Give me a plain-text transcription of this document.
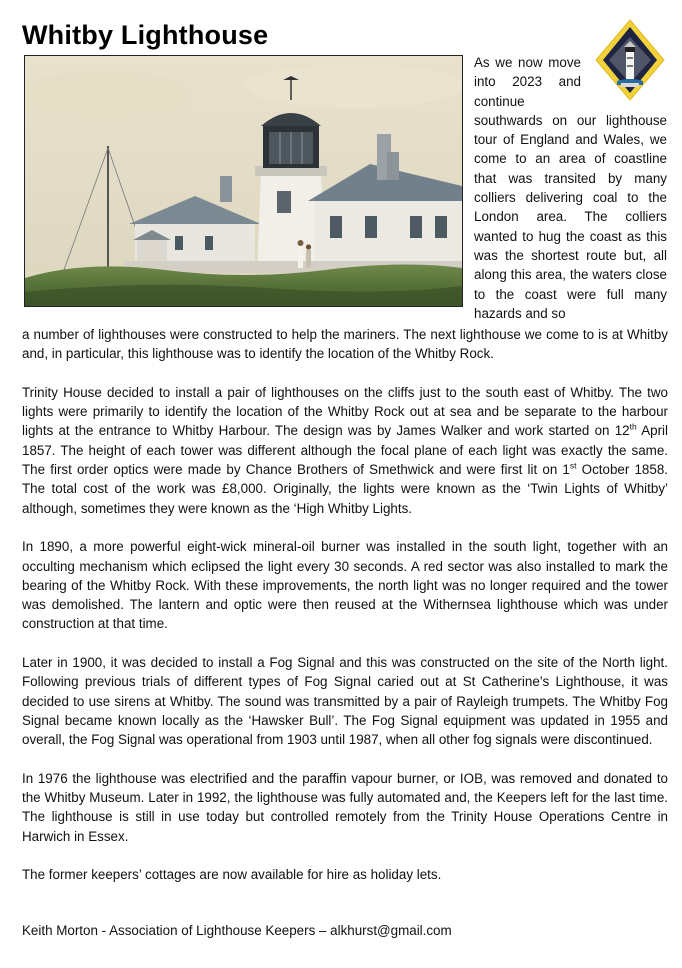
Whitby Lighthouse
As we now move into 2023 and continue
southwards on our lighthouse tour of England and Wales, we come to an area of coastline that was transited by many colliers delivering coal to the London area. The colliers wanted to hug the coast as this was the shortest route but, all along this area, the waters close to the coast were full many hazards and so

a number of lighthouses were constructed to help the mariners. The next lighthouse we come to is at Whitby and, in particular, this lighthouse was to identify the location of the Whitby Rock.

Trinity House decided to install a pair of lighthouses on the cliffs just to the south east of Whitby. The two lights were primarily to identify the location of the Whitby Rock out at sea and be separate to the harbour lights at the entrance to Whitby Harbour. The design was by James Walker and work started on 12th April 1857. The height of each tower was different although the focal plane of each light was exactly the same. The first order optics were made by Chance Brothers of Smethwick and were first lit on 1st October 1858. The total cost of the work was £8,000. Originally, the lights were known as the ‘Twin Lights of Whitby’ although, sometimes they were known as the ‘High Whitby Lights.

In 1890, a more powerful eight-wick mineral-oil burner was installed in the south light, together with an occulting mechanism which eclipsed the light every 30 seconds. A red sector was also installed to mark the bearing of the Whitby Rock. With these improvements, the north light was no longer required and the tower was demolished. The lantern and optic were then reused at the Withernsea lighthouse which was under construction at that time.

Later in 1900, it was decided to install a Fog Signal and this was constructed on the site of the North light. Following previous trials of different types of Fog Signal caried out at St Catherine’s Lighthouse, it was decided to use sirens at Whitby. The sound was transmitted by a pair of Rayleigh trumpets. The Whitby Fog Signal became known locally as the ‘Hawsker Bull’. The Fog Signal equipment was updated in 1955 and overall, the Fog Signal was operational from 1903 until 1987, when all other fog signals were discontinued.

In 1976 the lighthouse was electrified and the paraffin vapour burner, or IOB, was removed and donated to the Whitby Museum. Later in 1992, the lighthouse was fully automated and, the Keepers left for the last time. The lighthouse is still in use today but controlled remotely from the Trinity House Operations Centre in Harwich in Essex.

The former keepers’ cottages are now available for hire as holiday lets.

Keith Morton - Association of Lighthouse Keepers – alkhurst@gmail.com
